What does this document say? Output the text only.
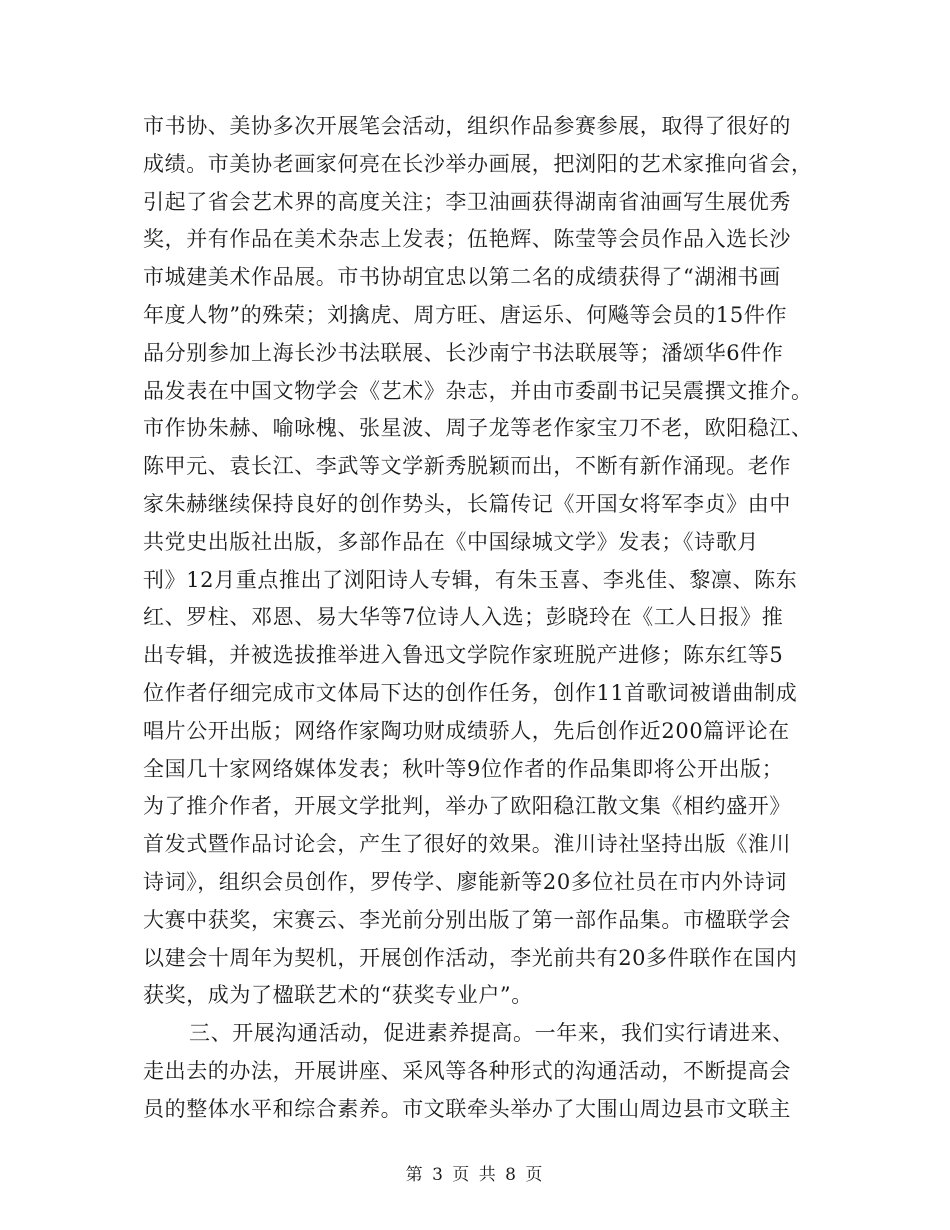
市书协、美协多次开展笔会活动，组织作品参赛参展，取得了很好的
成绩。市美协老画家何亮在长沙举办画展，把浏阳的艺术家推向省会，
引起了省会艺术界的高度关注；李卫油画获得湖南省油画写生展优秀
奖，并有作品在美术杂志上发表；伍艳辉、陈莹等会员作品入选长沙
市城建美术作品展。市书协胡宜忠以第二名的成绩获得了“湖湘书画
年度人物”的殊荣；刘擒虎、周方旺、唐运乐、何飚等会员的15件作
品分别参加上海长沙书法联展、长沙南宁书法联展等；潘颂华6件作
品发表在中国文物学会《艺术》杂志，并由市委副书记吴震撰文推介。
市作协朱赫、喻咏槐、张星波、周子龙等老作家宝刀不老，欧阳稳江、
陈甲元、袁长江、李武等文学新秀脱颖而出，不断有新作涌现。老作
家朱赫继续保持良好的创作势头，长篇传记《开国女将军李贞》由中
共党史出版社出版，多部作品在《中国绿城文学》发表；《诗歌月
刊》12月重点推出了浏阳诗人专辑，有朱玉喜、李兆佳、黎凛、陈东
红、罗柱、邓恩、易大华等7位诗人入选；彭晓玲在《工人日报》推
出专辑，并被选拔推举进入鲁迅文学院作家班脱产进修；陈东红等5
位作者仔细完成市文体局下达的创作任务，创作11首歌词被谱曲制成
唱片公开出版；网络作家陶功财成绩骄人，先后创作近200篇评论在
全国几十家网络媒体发表；秋叶等9位作者的作品集即将公开出版；
为了推介作者，开展文学批判，举办了欧阳稳江散文集《相约盛开》
首发式暨作品讨论会，产生了很好的效果。淮川诗社坚持出版《淮川
诗词》，组织会员创作，罗传学、廖能新等20多位社员在市内外诗词
大赛中获奖，宋赛云、李光前分别出版了第一部作品集。市楹联学会
以建会十周年为契机，开展创作活动，李光前共有20多件联作在国内
获奖，成为了楹联艺术的“获奖专业户”。
三、开展沟通活动，促进素养提高。一年来，我们实行请进来、
走出去的办法，开展讲座、采风等各种形式的沟通活动，不断提高会
员的整体水平和综合素养。市文联牵头举办了大围山周边县市文联主
第 3 页 共 8 页
